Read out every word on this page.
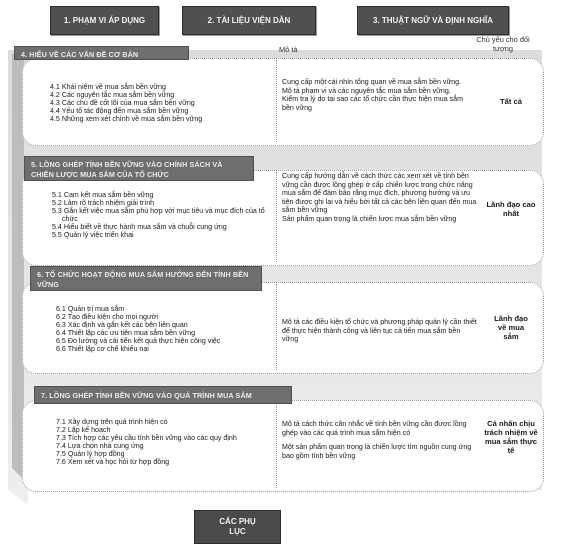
1. PHẠM VI ÁP DỤNG	2. TÀI LIỆU VIỆN DẪN	3. THUẬT NGỮ VÀ ĐỊNH NGHĨA
Mô tả
Chủ yếu cho đối tượng
4. HIỂU VỀ CÁC VẤN ĐỀ CƠ BẢN
4.1 Khái niệm về mua sắm bền vững
4.2 Các nguyên tắc mua sắm bền vững
4.3 Các chủ đề cốt lõi của mua sắm bền vững
4.4 Yếu tố tác động đến mua sắm bền vững
4.5 Những xem xét chính về mua sắm bền vững
Cung cấp một cái nhìn tổng quan về mua sắm bền vững.
Mô tả phạm vi và các nguyên tắc mua sắm bền vững.
Kiểm tra lý do tại sao các tổ chức cần thực hiện mua sắm bền vững
Tất cả
5. LỒNG GHÉP TÍNH BỀN VỮNG VÀO CHÍNH SÁCH VÀ CHIẾN LƯỢC MUA SẮM CỦA TỔ CHỨC
5.1 Cam kết mua sắm bền vững
5.2 Làm rõ trách nhiệm giải trình
5.3 Gắn kết việc mua sắm phù hợp với mục tiêu và mục đích của tổ chức
5.4 Hiểu biết về thực hành mua sắm và chuỗi cung ứng
5.5 Quản lý việc triển khai
Cung cấp hướng dẫn về cách thức các xem xét về tính bền vững cần được lồng ghép ở cấp chiến lược trong chức năng mua sắm để đảm bảo rằng mục đích, phương hướng và ưu tiên được ghi lại và hiểu bởi tất cả các bên liên quan đến mua sắm bền vững
Sản phẩm quan trọng là chiến lược mua sắm bền vững
Lãnh đạo cao nhất
6. TỔ CHỨC HOẠT ĐỘNG MUA SẮM HƯỚNG ĐẾN TÍNH BỀN VỮNG
6.1 Quản trị mua sắm
6.2 Tạo điều kiện cho mọi người
6.3 Xác định và gắn kết các bên liên quan
6.4 Thiết lập các ưu tiên mua sắm bền vững
6.5 Đo lường và cải tiến kết quả thực hiện công việc
6.6 Thiết lập cơ chế khiếu nại
Mô tả các điều kiện tổ chức và phương pháp quản lý cần thiết để thực hiện thành công và liên tục cả tiến mua sắm bền vững
Lãnh đạo về mua sắm
7. LỒNG GHÉP TÍNH BỀN VỮNG VÀO QUÁ TRÌNH MUA SẮM
7.1 Xây dựng trên quá trình hiện có
7.2 Lập kế hoạch
7.3 Tích hợp các yêu cầu tính bền vững vào các quy định
7.4 Lựa chọn nhà cung ứng
7.5 Quản lý hợp đồng
7.6 Xem xét và học hỏi từ hợp đồng
Mô tả cách thức cân nhắc về tính bền vững cần được lồng ghép vào các quá trình mua sắm hiện có
Một sản phẩm quan trọng là chiến lược tìm nguồn cung ứng bao gồm tính bền vững
Cá nhân chịu trách nhiệm về mua sắm thực tế
CÁC PHỤ LỤC
